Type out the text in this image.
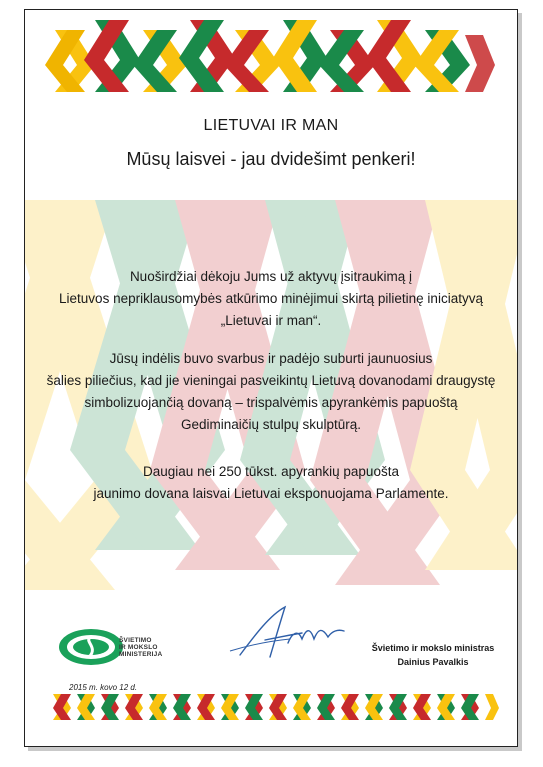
LIETUVAI IR MAN
Mūsų laisvei - jau dvidešimt penkeri!
Nuoširdžiai dėkoju Jums už aktyvų įsitraukimą į
Lietuvos nepriklausomybės atkūrimo minėjimui skirtą pilietinę iniciatyvą
„Lietuvai ir man“.
Jūsų indėlis buvo svarbus ir padėjo suburti jaunuosius
šalies piliečius, kad jie vieningai pasveikintų Lietuvą dovanodami draugystę
simbolizuojančią dovaną – trispalvėmis apyrankėmis papuoštą
Gediminaičių stulpų skulptūrą.
Daugiau nei 250 tūkst. apyrankių papuošta
jaunimo dovana laisvai Lietuvai eksponuojama Parlamente.
ŠVIETIMO
IR MOKSLO
MINISTERIJA
Švietimo ir mokslo ministras
Dainius Pavalkis
2015 m. kovo 12 d.
